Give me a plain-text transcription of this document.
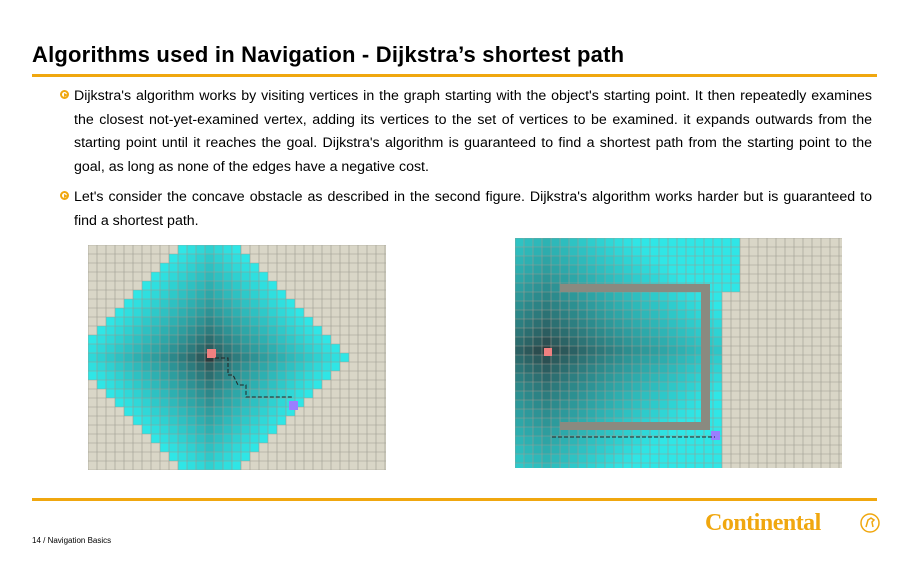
Algorithms used in Navigation - Dijkstra’s shortest path
Dijkstra's algorithm works by visiting vertices in the graph starting with the object's starting point. It then repeatedly examines the closest not-yet-examined vertex, adding its vertices to the set of vertices to be examined. it expands outwards from the starting point until it reaches the goal. Dijkstra's algorithm is guaranteed to find a shortest path from the starting point to the goal, as long as none of the edges have a negative cost.
Let's consider the concave obstacle as described in the second figure. Dijkstra's algorithm works harder but is guaranteed to find a shortest path.
14 / Navigation Basics
Continental
